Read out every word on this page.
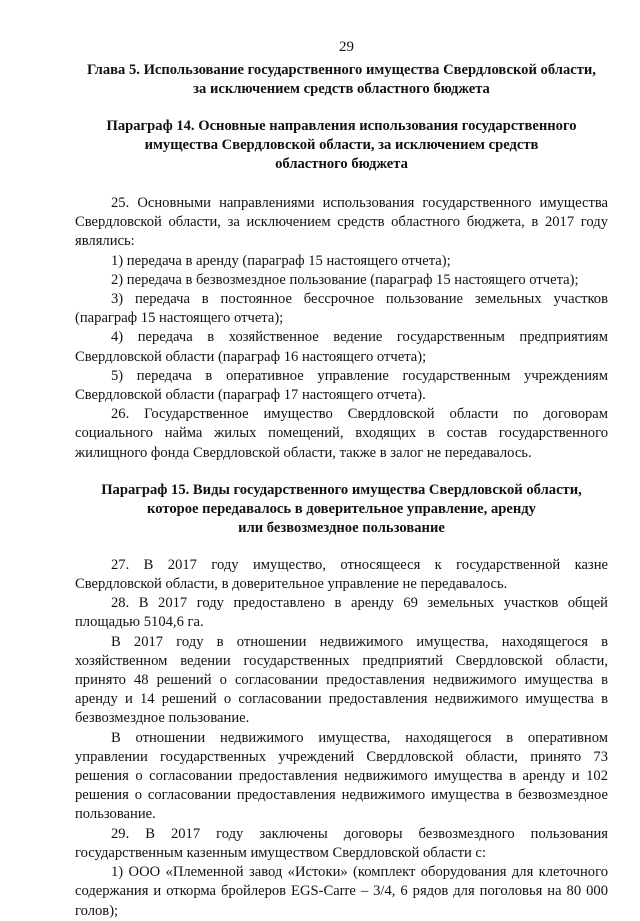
29
Глава 5. Использование государственного имущества Свердловской области,
за исключением средств областного бюджета
Параграф 14. Основные направления использования государственного
имущества Свердловской области, за исключением средств
областного бюджета

25. Основными направлениями использования государственного имущества Свердловской области, за исключением средств областного бюджета, в 2017 году являлись:

1) передача в аренду (параграф 15 настоящего отчета);

2) передача в безвозмездное пользование (параграф 15 настоящего отчета);

3) передача в постоянное бессрочное пользование земельных участков (параграф 15 настоящего отчета);

4) передача в хозяйственное ведение государственным предприятиям Свердловской области (параграф 16 настоящего отчета);

5) передача в оперативное управление государственным учреждениям Свердловской области (параграф 17 настоящего отчета).

26. Государственное имущество Свердловской области по договорам социального найма жилых помещений, входящих в состав государственного жилищного фонда Свердловской области, также в залог не передавалось.

Параграф 15. Виды государственного имущества Свердловской области,
которое передавалось в доверительное управление, аренду
или безвозмездное пользование

27. В 2017 году имущество, относящееся к государственной казне Свердловской области, в доверительное управление не передавалось.

28. В 2017 году предоставлено в аренду 69 земельных участков общей площадью 5104,6 га.

В 2017 году в отношении недвижимого имущества, находящегося в хозяйственном ведении государственных предприятий Свердловской области, принято 48 решений о согласовании предоставления недвижимого имущества в аренду и 14 решений о согласовании предоставления недвижимого имущества в безвозмездное пользование.

В отношении недвижимого имущества, находящегося в оперативном управлении государственных учреждений Свердловской области, принято 73 решения о согласовании предоставления недвижимого имущества в аренду и 102 решения о согласовании предоставления недвижимого имущества в безвозмездное пользование.

29. В 2017 году заключены договоры безвозмездного пользования государственным казенным имуществом Свердловской области с:

1) ООО «Племенной завод «Истоки» (комплект оборудования для клеточного содержания и откорма бройлеров EGS-Carre – 3/4, 6 рядов для поголовья на 80 000 голов);
